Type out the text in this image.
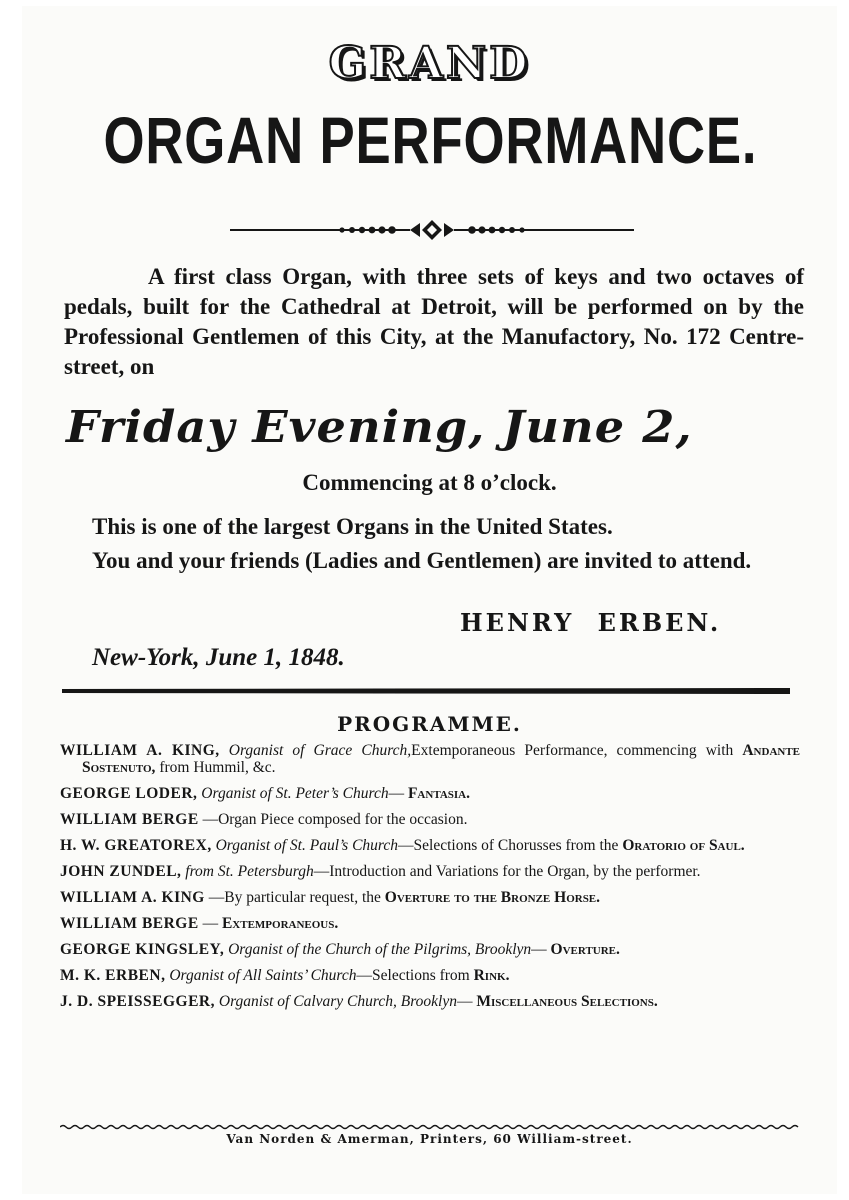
GRAND
ORGAN PERFORMANCE.
A first class Organ, with three sets of keys and two octaves of pedals, built for the Cathedral at Detroit, will be performed on by the Professional Gentlemen of this City, at the Manufactory, No. 172 Centre-street, on
Friday Evening, June 2,
Commencing at 8 o’clock.
This is one of the largest Organs in the United States.
You and your friends (Ladies and Gentlemen) are invited to attend.
HENRY ERBEN.
New-York, June 1, 1848.
PROGRAMME.
WILLIAM A. KING, Organist of Grace Church,Extemporaneous Performance, commencing with Andante Sostenuto, from Hummil, &c.
GEORGE LODER, Organist of St. Peter’s Church— Fantasia.
WILLIAM BERGE —Organ Piece composed for the occasion.
H. W. GREATOREX, Organist of St. Paul’s Church—Selections of Chorusses from the Oratorio of Saul.
JOHN ZUNDEL, from St. Petersburgh—Introduction and Variations for the Organ, by the performer.
WILLIAM A. KING —By particular request, the Overture to the Bronze Horse.
WILLIAM BERGE — Extemporaneous.
GEORGE KINGSLEY, Organist of the Church of the Pilgrims, Brooklyn— Overture.
M. K. ERBEN, Organist of All Saints’ Church—Selections from Rink.
J. D. SPEISSEGGER, Organist of Calvary Church, Brooklyn— Miscellaneous Selections.
Van Norden & Amerman, Printers, 60 William-street.
